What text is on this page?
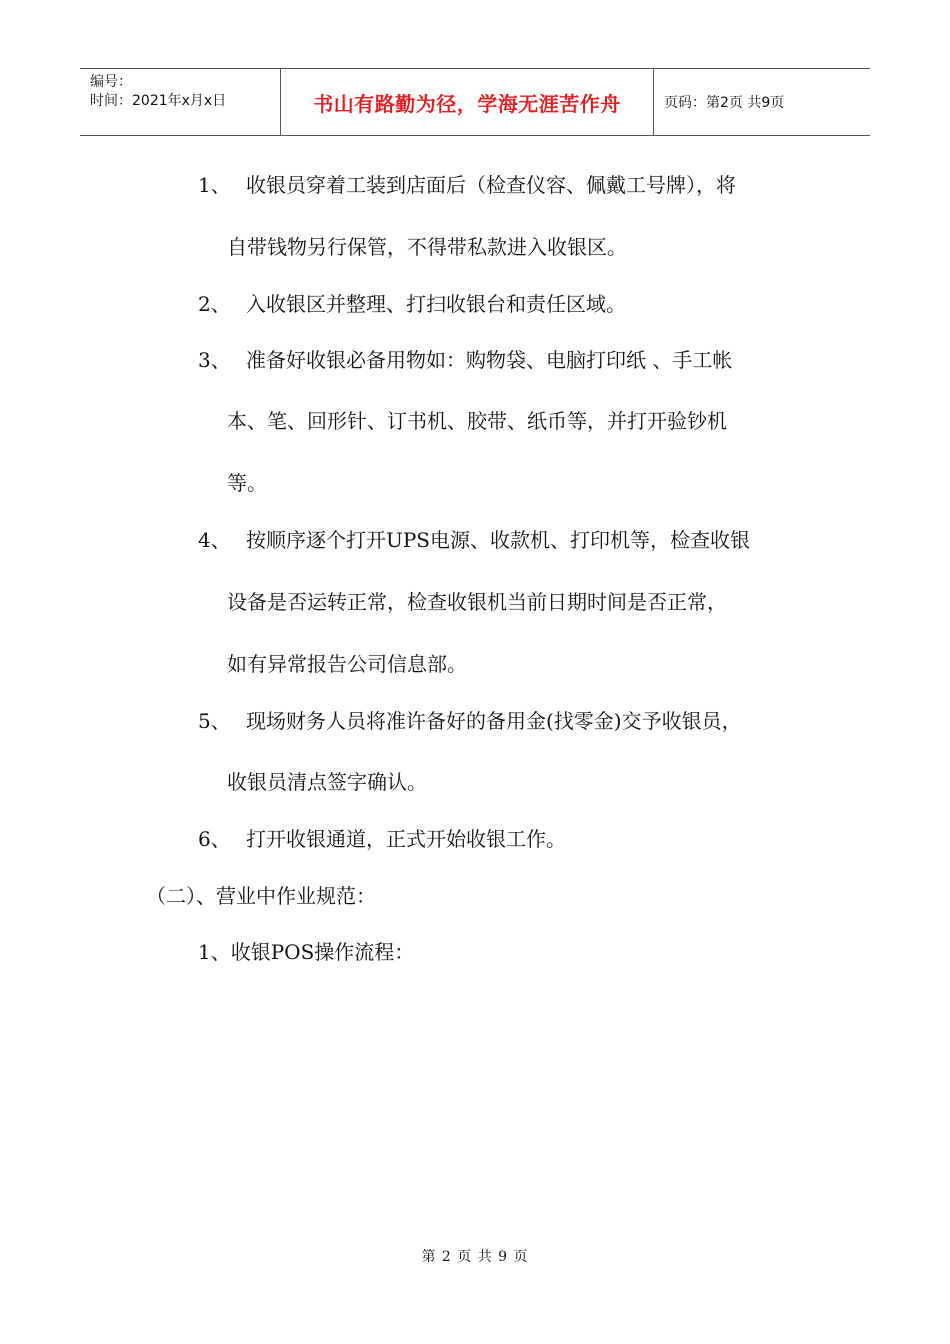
编号：
时间：2021年x月x日	书山有路勤为径，学海无涯苦作舟	页码：第2页 共9页
1、 收银员穿着工装到店面后（检查仪容、佩戴工号牌），将
自带钱物另行保管，不得带私款进入收银区。
2、 入收银区并整理、打扫收银台和责任区域。
3、 准备好收银必备用物如：购物袋、电脑打印纸 、手工帐
本、笔、回形针、订书机、胶带、纸币等，并打开验钞机
等。
4、 按顺序逐个打开UPS电源、收款机、打印机等，检查收银
设备是否运转正常，检查收银机当前日期时间是否正常，
如有异常报告公司信息部。
5、 现场财务人员将准许备好的备用金(找零金)交予收银员，
收银员清点签字确认。
6、 打开收银通道，正式开始收银工作。
（二）、营业中作业规范：
1、收银POS操作流程：
第 2 页 共 9 页
